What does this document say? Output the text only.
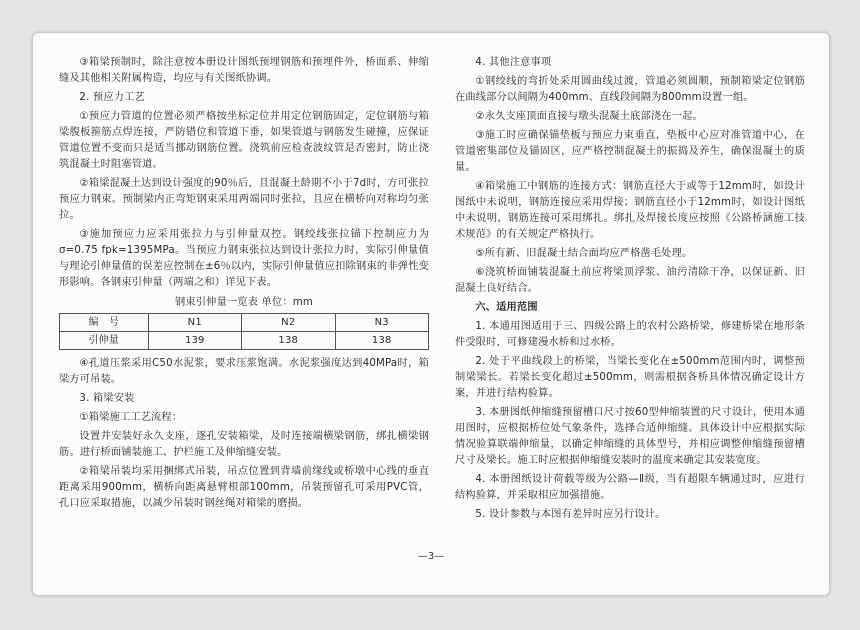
③箱梁预制时，除注意按本册设计图纸预埋钢筋和预埋件外，桥面系、伸缩缝及其他相关附属构造，均应与有关图纸协调。

2. 预应力工艺

①预应力管道的位置必须严格按坐标定位并用定位钢筋固定，定位钢筋与箱梁腹板箍筋点焊连接，严防错位和管道下垂，如果管道与钢筋发生碰撞，应保证管道位置不变而只是适当挪动钢筋位置。浇筑前应检查波纹管是否密封，防止浇筑混凝土时阻塞管道。

②箱梁混凝土达到设计强度的90％后，且混凝土龄期不小于7d时，方可张拉预应力钢束。预制梁内正弯矩钢束采用两端同时张拉，且应在横桥向对称均匀张拉。

③施加预应力应采用张拉力与引伸量双控。钢绞线张拉锚下控制应力为σ=0.75 fpk=1395MPa。当预应力钢束张拉达到设计张拉力时，实际引伸量值与理论引伸量值的误差应控制在±6％以内，实际引伸量值应扣除钢束的非弹性变形影响。各钢束引伸量（两端之和）详见下表。

钢束引伸量一览表 单位：mm
编　号	N1	N2	N3
引伸量	139	138	138

④孔道压浆采用C50水泥浆，要求压浆饱满。水泥浆强度达到40MPa时，箱梁方可吊装。

3. 箱梁安装

①箱梁施工工艺流程：

设置并安装好永久支座，逐孔安装箱梁，及时连接端横梁钢筋，绑扎横梁钢筋。进行桥面铺装施工、护栏施工及伸缩缝安装。

②箱梁吊装均采用捆绑式吊装，吊点位置到背墙前缘线或桥墩中心线的垂直距离采用900mm，横桥向距离悬臂根部100mm，吊装预留孔可采用PVC管，孔口应采取措施，以减少吊装时钢丝绳对箱梁的磨损。

4. 其他注意事项

①钢绞线的弯折处采用圆曲线过渡，管道必须圆顺，预制箱梁定位钢筋在曲线部分以间隔为400mm、直线段间隔为800mm设置一组。

②永久支座顶面直接与墩头混凝土底部浇在一起。

③施工时应确保锚垫板与预应力束垂直，垫板中心应对准管道中心，在管道密集部位及锚固区，应严格控制混凝土的振捣及养生，确保混凝土的质量。

④箱梁施工中钢筋的连接方式：钢筋直径大于或等于12mm时，如设计图纸中未说明，钢筋连接应采用焊接；钢筋直径小于12mm时，如设计图纸中未说明，钢筋连接可采用绑扎。绑扎及焊接长度应按照《公路桥涵施工技术规范》的有关规定严格执行。

⑤所有新、旧混凝土结合面均应严格凿毛处理。

⑥浇筑桥面铺装混凝土前应将梁顶浮浆、油污清除干净，以保证新、旧混凝土良好结合。

六、适用范围

1. 本通用图适用于三、四级公路上的农村公路桥梁，修建桥梁在地形条件受限时，可修建漫水桥和过水桥。

2. 处于平曲线段上的桥梁，当梁长变化在±500mm范围内时，调整预制梁梁长。若梁长变化超过±500mm，则需根据各桥具体情况确定设计方案，并进行结构验算。

3. 本册图纸伸缩缝预留槽口尺寸按60型伸缩装置的尺寸设计，使用本通用图时，应根据桥位处气象条件，选择合适伸缩缝。具体设计中应根据实际情况验算联端伸缩量，以确定伸缩缝的具体型号，并相应调整伸缩缝预留槽尺寸及梁长。施工时应根据伸缩缝安装时的温度来确定其安装宽度。

4. 本册图纸设计荷载等级为公路—Ⅱ级，当有超限车辆通过时，应进行结构验算，并采取相应加强措施。

5. 设计参数与本图有差异时应另行设计。

—3—
